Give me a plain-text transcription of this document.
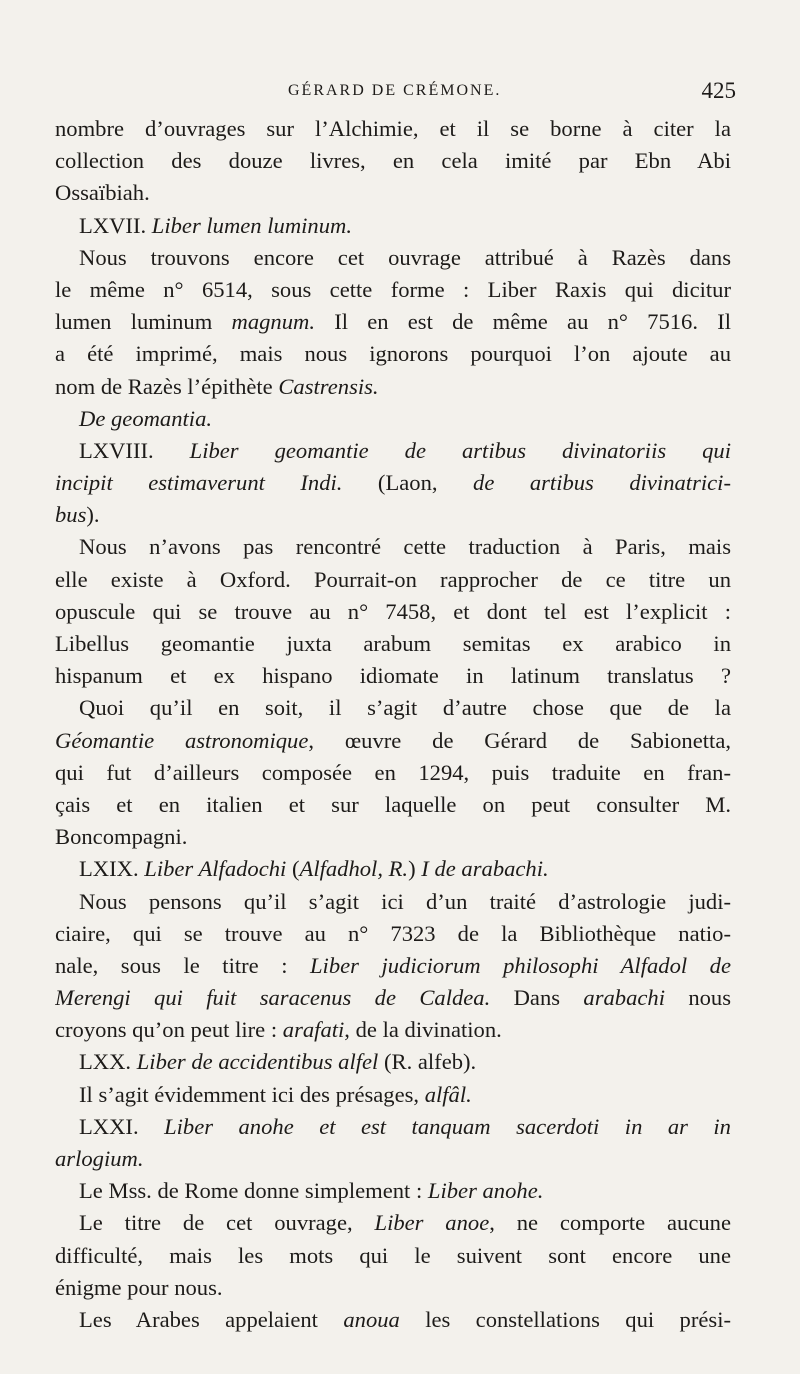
GÉRARD DE CRÉMONE.	425
nombre d’ouvrages sur l’Alchimie, et il se borne à citer la
collection des douze livres, en cela imité par Ebn Abi
Ossaïbiah.
LXVII. Liber lumen luminum.
Nous trouvons encore cet ouvrage attribué à Razès dans
le même n° 6514, sous cette forme : Liber Raxis qui dicitur
lumen luminum magnum. Il en est de même au n° 7516. Il
a été imprimé, mais nous ignorons pourquoi l’on ajoute au
nom de Razès l’épithète Castrensis.
De geomantia.
LXVIII. Liber geomantie de artibus divinatoriis qui
incipit estimaverunt Indi. (Laon, de artibus divinatrici-
bus).
Nous n’avons pas rencontré cette traduction à Paris, mais
elle existe à Oxford. Pourrait-on rapprocher de ce titre un
opuscule qui se trouve au n° 7458, et dont tel est l’explicit :
Libellus geomantie juxta arabum semitas ex arabico in
hispanum et ex hispano idiomate in latinum translatus ?
Quoi qu’il en soit, il s’agit d’autre chose que de la
Géomantie astronomique, œuvre de Gérard de Sabionetta,
qui fut d’ailleurs composée en 1294, puis traduite en fran-
çais et en italien et sur laquelle on peut consulter M.
Boncompagni.
LXIX. Liber Alfadochi (Alfadhol, R.) I de arabachi.
Nous pensons qu’il s’agit ici d’un traité d’astrologie judi-
ciaire, qui se trouve au n° 7323 de la Bibliothèque natio-
nale, sous le titre : Liber judiciorum philosophi Alfadol de
Merengi qui fuit saracenus de Caldea. Dans arabachi nous
croyons qu’on peut lire : arafati, de la divination.
LXX. Liber de accidentibus alfel (R. alfeb).
Il s’agit évidemment ici des présages, alfâl.
LXXI. Liber anohe et est tanquam sacerdoti in ar in
arlogium.
Le Mss. de Rome donne simplement : Liber anohe.
Le titre de cet ouvrage, Liber anoe, ne comporte aucune
difficulté, mais les mots qui le suivent sont encore une
énigme pour nous.
Les Arabes appelaient anoua les constellations qui prési-
